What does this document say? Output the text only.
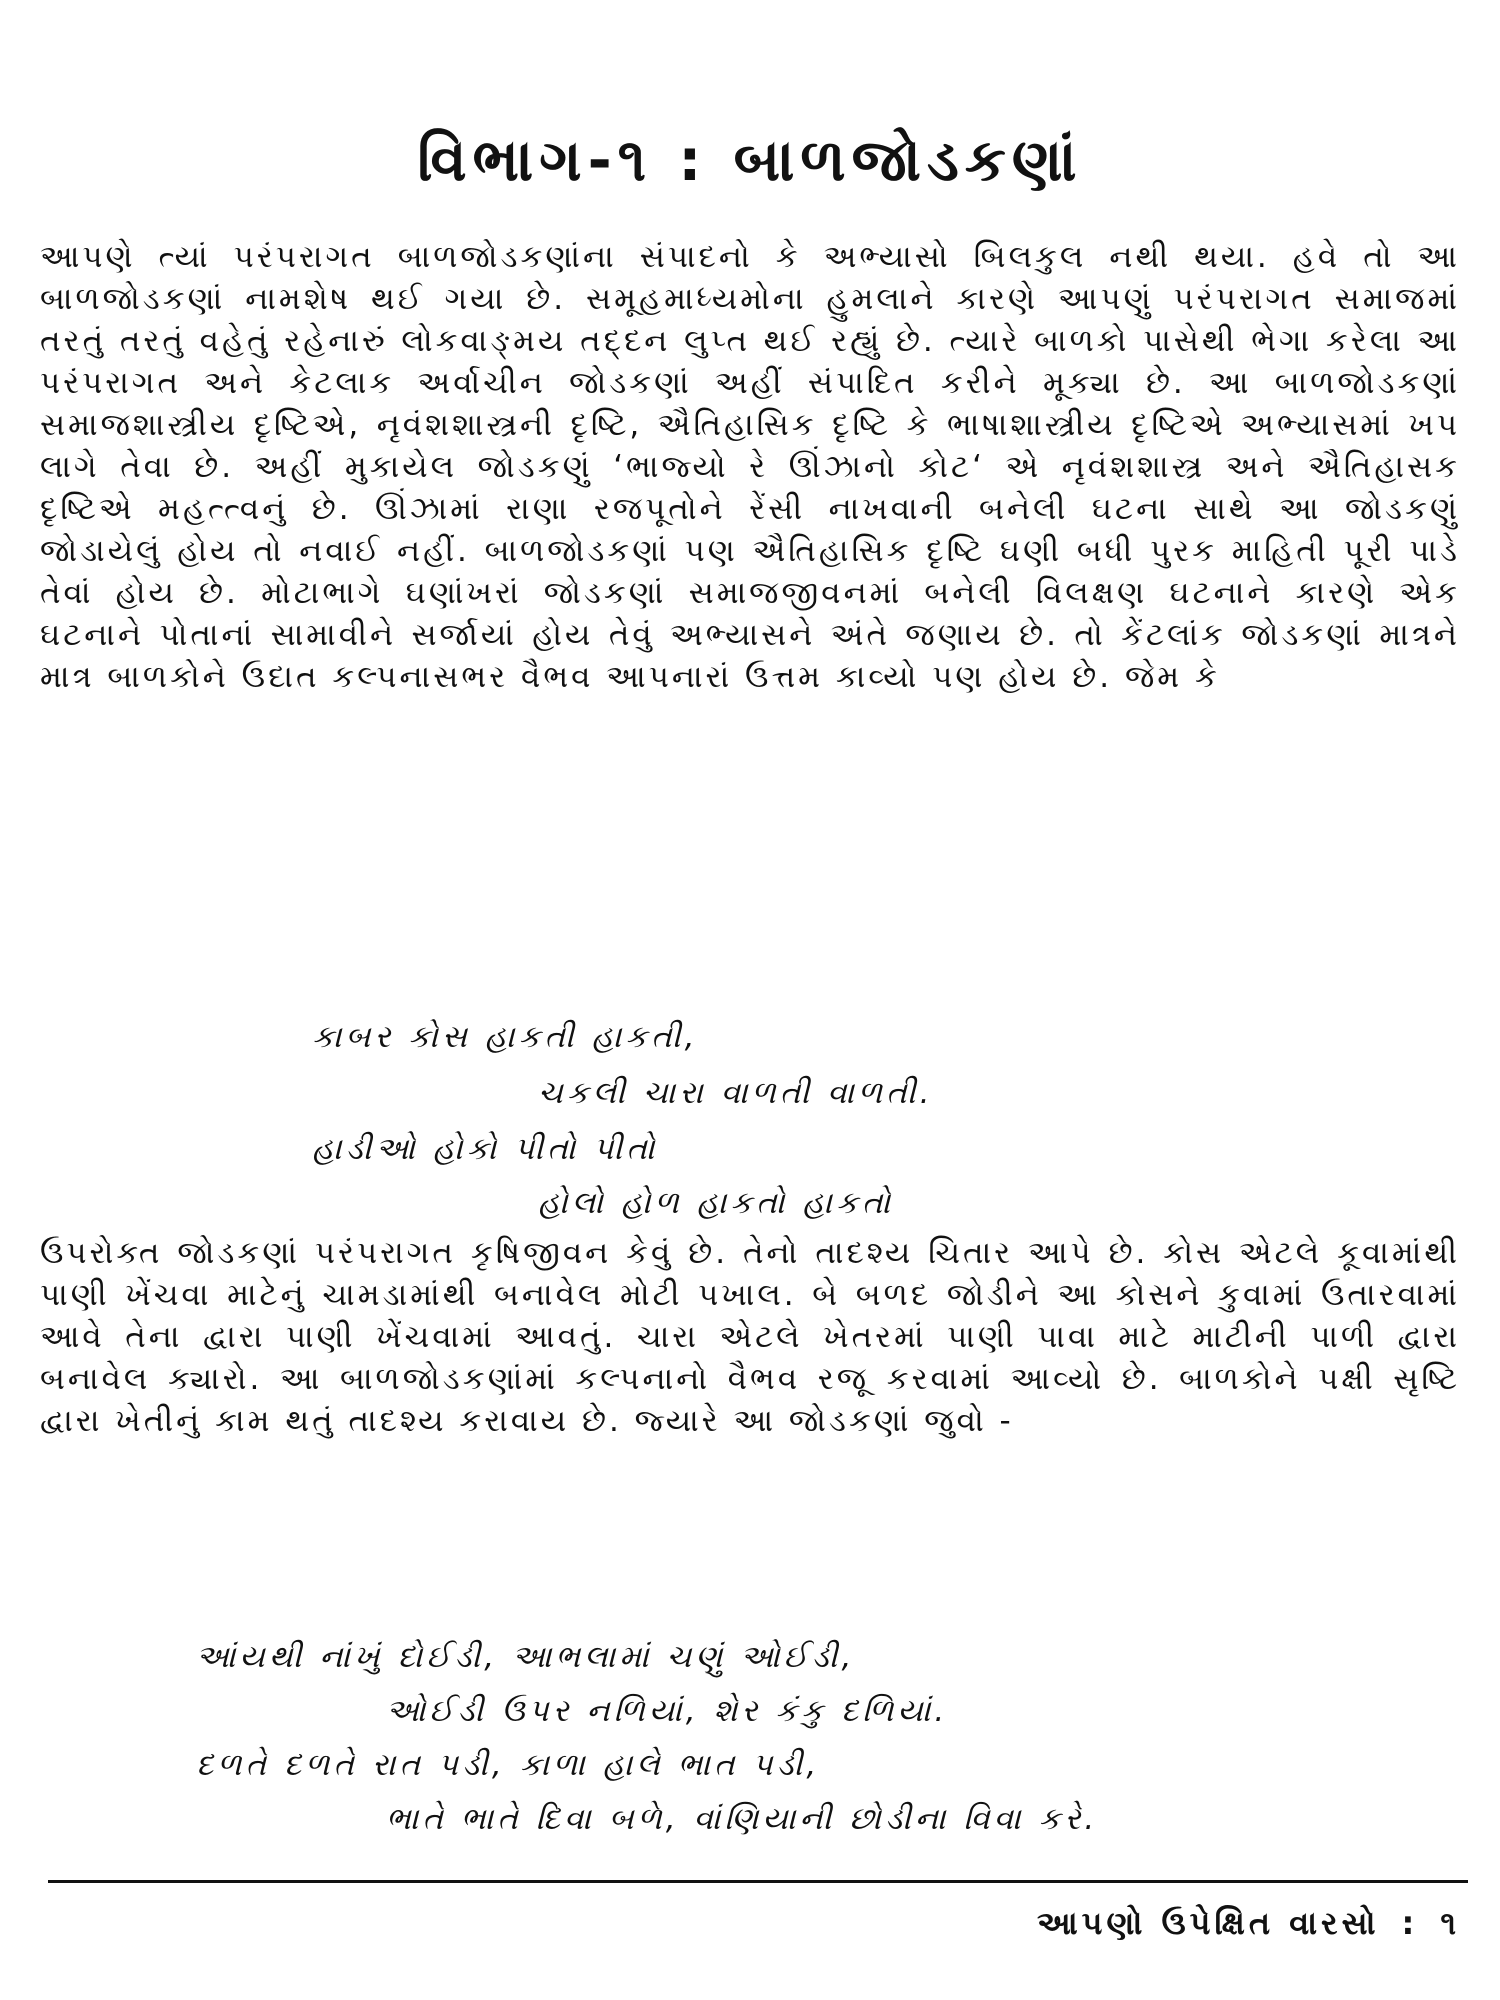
વિભાગ-૧ : બાળજોડકણાં

આપણે ત્યાં પરંપરાગત બાળજોડકણાંના સંપાદનો કે અભ્યાસો બિલકુલ નથી થયા. હવે તો આ બાળજોડકણાં નામશેષ થઈ ગયા છે. સમૂહમાધ્યમોના હુમલાને કારણે આપણું પરંપરાગત સમાજમાં તરતું તરતું વહેતું રહેનારું લોકવાઙ્મય તદ્દન લુપ્ત થઈ રહ્યું છે. ત્યારે બાળકો પાસેથી ભેગા કરેલા આ પરંપરાગત અને કેટલાક અર્વાચીન જોડકણાં અહીં સંપાદિત કરીને મૂક્યા છે. આ બાળજોડકણાં સમાજશાસ્ત્રીય દૃષ્ટિએ, નૃવંશશાસ્ત્રની દૃષ્ટિ, ઐતિહાસિક દૃષ્ટિ કે ભાષાશાસ્ત્રીય દૃષ્ટિએ અભ્યાસમાં ખપ લાગે તેવા છે. અહીં મુકાયેલ જોડકણું ‘ભાજ્યો રે ઊંઝાનો કોટ‘ એ નૃવંશશાસ્ત્ર અને ઐતિહાસક દૃષ્ટિએ મહત્ત્વનું છે. ઊંઝામાં રાણા રજપૂતોને રેંસી નાખવાની બનેલી ઘટના સાથે આ જોડકણું જોડાયેલું હોય તો નવાઈ નહીં. બાળજોડકણાં પણ ઐતિહાસિક દૃષ્ટિ ઘણી બધી પુરક માહિતી પૂરી પાડે તેવાં હોય છે. મોટાભાગે ઘણાંખરાં જોડકણાં સમાજજીવનમાં બનેલી વિલક્ષણ ઘટનાને કારણે એક ઘટનાને પોતાનાં સામાવીને સર્જાયાં હોય તેવું અભ્યાસને અંતે જણાય છે. તો કેંટલાંક જોડકણાં માત્રને માત્ર બાળકોને ઉદાત કલ્પનાસભર વૈભવ આપનારાં ઉત્તમ કાવ્યો પણ હોય છે. જેમ કે

કાબર કોસ હાકતી હાકતી,

ચકલી ચારા વાળતી વાળતી.

હાડીઓ હોકો પીતો પીતો

હોલો હોળ હાકતો હાકતો

ઉપરોક્ત જોડકણાં પરંપરાગત કૃષિજીવન કેવું છે. તેનો તાદશ્ય ચિતાર આપે છે. કોસ એટલે કૂવામાંથી પાણી ખેંચવા માટેનું ચામડામાંથી બનાવેલ મોટી પખાલ. બે બળદ જોડીને આ કોસને કુવામાં ઉતારવામાં આવે તેના દ્વારા પાણી ખેંચવામાં આવતું. ચારા એટલે ખેતરમાં પાણી પાવા માટે માટીની પાળી દ્વારા બનાવેલ ક્યારો. આ બાળજોડકણાંમાં કલ્પનાનો વૈભવ રજૂ કરવામાં આવ્યો છે. બાળકોને પક્ષી સૃષ્ટિ દ્વારા ખેતીનું કામ થતું તાદશ્ય કરાવાય છે. જ્યારે આ જોડકણાં જુવો -

આંયથી નાંખું દોઈડી, આભલામાં ચણું ઓઈડી,

ઓઈડી ઉપર નળિયાં, શેર કંકુ દળિયાં.

દળતે દળતે રાત પડી, કાળા હાલે ભાત પડી,

ભાતે ભાતે દિવા બળે, વાંણિયાની છોડીના વિવા કરે.

આપણો ઉપેક્ષિત વારસો : ૧
